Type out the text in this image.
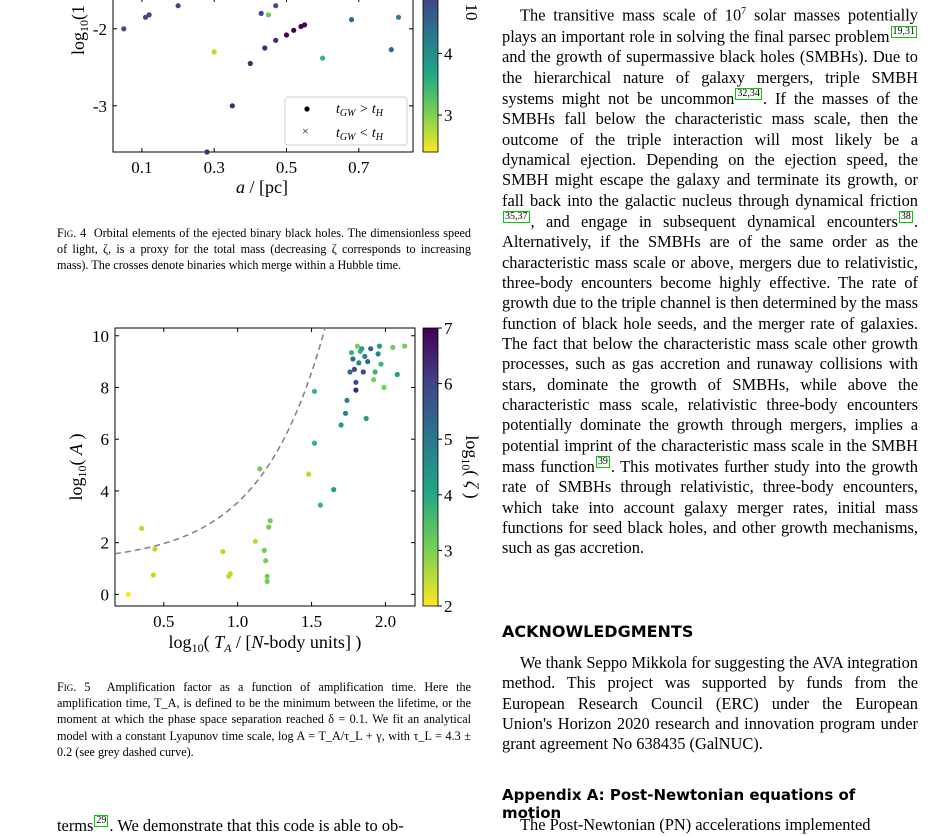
×
$t_{GW} > t_H$
$t_{GW} < t_H$
0.1	0.3	0.5	0.7
-2
-3
$\log_{10}(1$
a / [pc]
3
4
10
Fig. 4 Orbital elements of the ejected binary black holes. The dimensionless speed of light, ζ, is a proxy for the total mass (decreasing ζ corresponds to increasing mass). The crosses denote binaries which merge within a Hubble time.
0.5	1.0	1.5	2.0
0
2
4
6
8
10
$\log_{10}$( A )
$\log_{10}$( $T_A$ / [N-body units] )
2
3
4
5
6
7
$\log_{10}$( ζ )
Fig. 5 Amplification factor as a function of amplification time. Here the amplification time, T_A, is defined to be the minimum between the lifetime, or the moment at which the phase space separation reached δ = 0.1. We fit an analytical model with a constant Lyapunov time scale, log A = T_A/τ_L + γ, with τ_L = 4.3 ± 0.2 (see grey dashed curve).
terms 29 . We demonstrate that this code is able to ob-

The transitive mass scale of $10^7$ solar masses potentially plays an important role in solving the final parsec problem 19,31 and the growth of supermassive black holes (SMBHs). Due to the hierarchical nature of galaxy mergers, triple SMBH systems might not be uncommon 32,34 . If the masses of the SMBHs fall below the characteristic mass scale, then the outcome of the triple interaction will most likely be a dynamical ejection. Depending on the ejection speed, the SMBH might escape the galaxy and terminate its growth, or fall back into the galactic nucleus through dynamical friction35,37 , and engage in subsequent dynamical encounters 38 . Alternatively, if the SMBHs are of the same order as the characteristic mass scale or above, mergers due to relativistic, three-body encounters become highly effective. The rate of growth due to the triple channel is then determined by the mass function of black hole seeds, and the merger rate of galaxies. The fact that below the characteristic mass scale other growth processes, such as gas accretion and runaway collisions with stars, dominate the growth of SMBHs, while above the characteristic mass scale, relativistic three-body encounters potentially dominate the growth through mergers, implies a potential imprint of the characteristic mass scale in the SMBH mass function 39 . This motivates further study into the growth rate of SMBHs through relativistic, three-body encounters, which take into account galaxy merger rates, initial mass functions for seed black holes, and other growth mechanisms, such as gas accretion.

ACKNOWLEDGMENTS

We thank Seppo Mikkola for suggesting the AVA integration method. This project was supported by funds from the European Research Council (ERC) under the European Union's Horizon 2020 research and innovation program under grant agreement No 638435 (GalNUC).

Appendix A: Post-Newtonian equations of motion

The Post-Newtonian (PN) accelerations implemented
